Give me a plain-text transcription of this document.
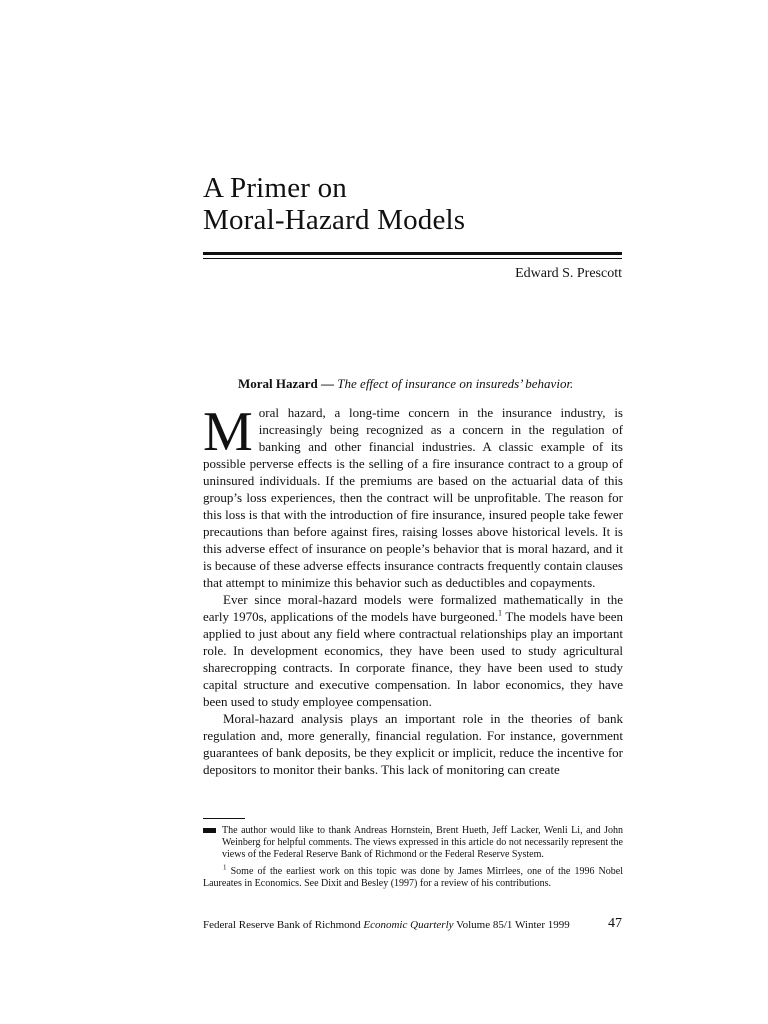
A Primer on
Moral-Hazard Models
Edward S. Prescott
Moral Hazard — The effect of insurance on insureds’ behavior.

Moral hazard, a long-time concern in the insurance industry, is increasingly being recognized as a concern in the regulation of banking and other financial industries. A classic example of its possible perverse effects is the selling of a fire insurance contract to a group of uninsured individuals. If the premiums are based on the actuarial data of this group’s loss experiences, then the contract will be unprofitable. The reason for this loss is that with the introduction of fire insurance, insured people take fewer precautions than before against fires, raising losses above historical levels. It is this adverse effect of insurance on people’s behavior that is moral hazard, and it is because of these adverse effects insurance contracts frequently contain clauses that attempt to minimize this behavior such as deductibles and copayments.

Ever since moral-hazard models were formalized mathematically in the early 1970s, applications of the models have burgeoned.$^1$ The models have been applied to just about any field where contractual relationships play an important role. In development economics, they have been used to study agricultural sharecropping contracts. In corporate finance, they have been used to study capital structure and executive compensation. In labor economics, they have been used to study employee compensation.

Moral-hazard analysis plays an important role in the theories of bank regulation and, more generally, financial regulation. For instance, government guarantees of bank deposits, be they explicit or implicit, reduce the incentive for depositors to monitor their banks. This lack of monitoring can create

The author would like to thank Andreas Hornstein, Brent Hueth, Jeff Lacker, Wenli Li, and John Weinberg for helpful comments. The views expressed in this article do not necessarily represent the views of the Federal Reserve Bank of Richmond or the Federal Reserve System.
$^1$ Some of the earliest work on this topic was done by James Mirrlees, one of the 1996 Nobel Laureates in Economics. See Dixit and Besley (1997) for a review of his contributions.
Federal Reserve Bank of Richmond Economic Quarterly Volume 85/1 Winter 1999	47
